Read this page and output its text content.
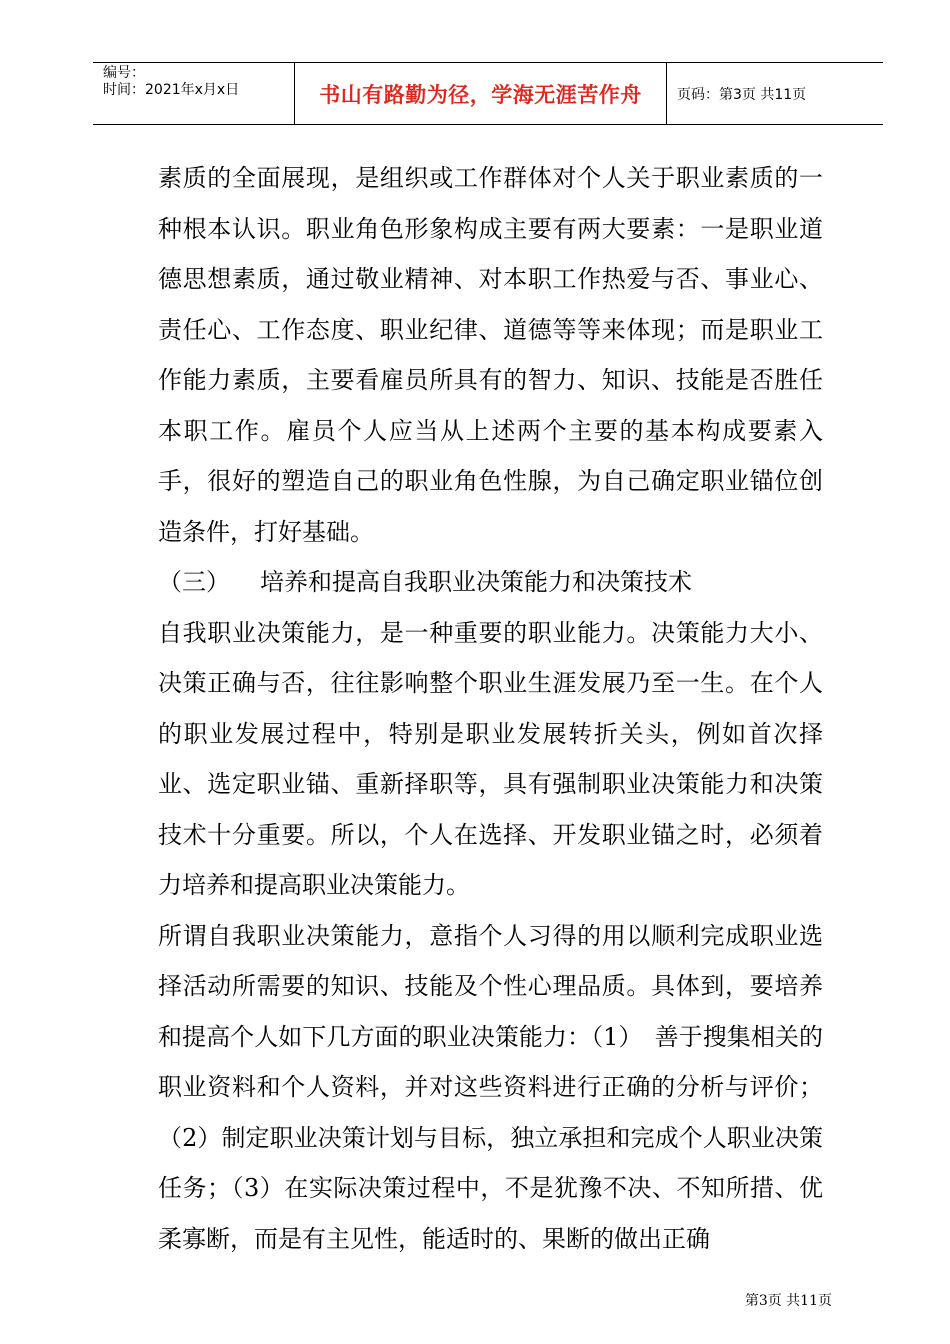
编号：
时间：2021年x月x日	书山有路勤为径，学海无涯苦作舟	页码：第3页 共11页

素质的全面展现，是组织或工作群体对个人关于职业素质的一种根本认识。职业角色形象构成主要有两大要素：一是职业道德思想素质，通过敬业精神、对本职工作热爱与否、事业心、责任心、工作态度、职业纪律、道德等等来体现；而是职业工作能力素质，主要看雇员所具有的智力、知识、技能是否胜任本职工作。雇员个人应当从上述两个主要的基本构成要素入手，很好的塑造自己的职业角色性腺，为自己确定职业锚位创造条件，打好基础。

（三） 培养和提高自我职业决策能力和决策技术

自我职业决策能力，是一种重要的职业能力。决策能力大小、决策正确与否，往往影响整个职业生涯发展乃至一生。在个人的职业发展过程中，特别是职业发展转折关头，例如首次择业、选定职业锚、重新择职等，具有强制职业决策能力和决策技术十分重要。所以，个人在选择、开发职业锚之时，必须着力培养和提高职业决策能力。

所谓自我职业决策能力，意指个人习得的用以顺利完成职业选择活动所需要的知识、技能及个性心理品质。具体到，要培养和提高个人如下几方面的职业决策能力：（1）　善于搜集相关的职业资料和个人资料，并对这些资料进行正确的分析与评价；（2）制定职业决策计划与目标，独立承担和完成个人职业决策任务；（3）在实际决策过程中，不是犹豫不决、不知所措、优柔寡断，而是有主见性，能适时的、果断的做出正确

第3页 共11页
